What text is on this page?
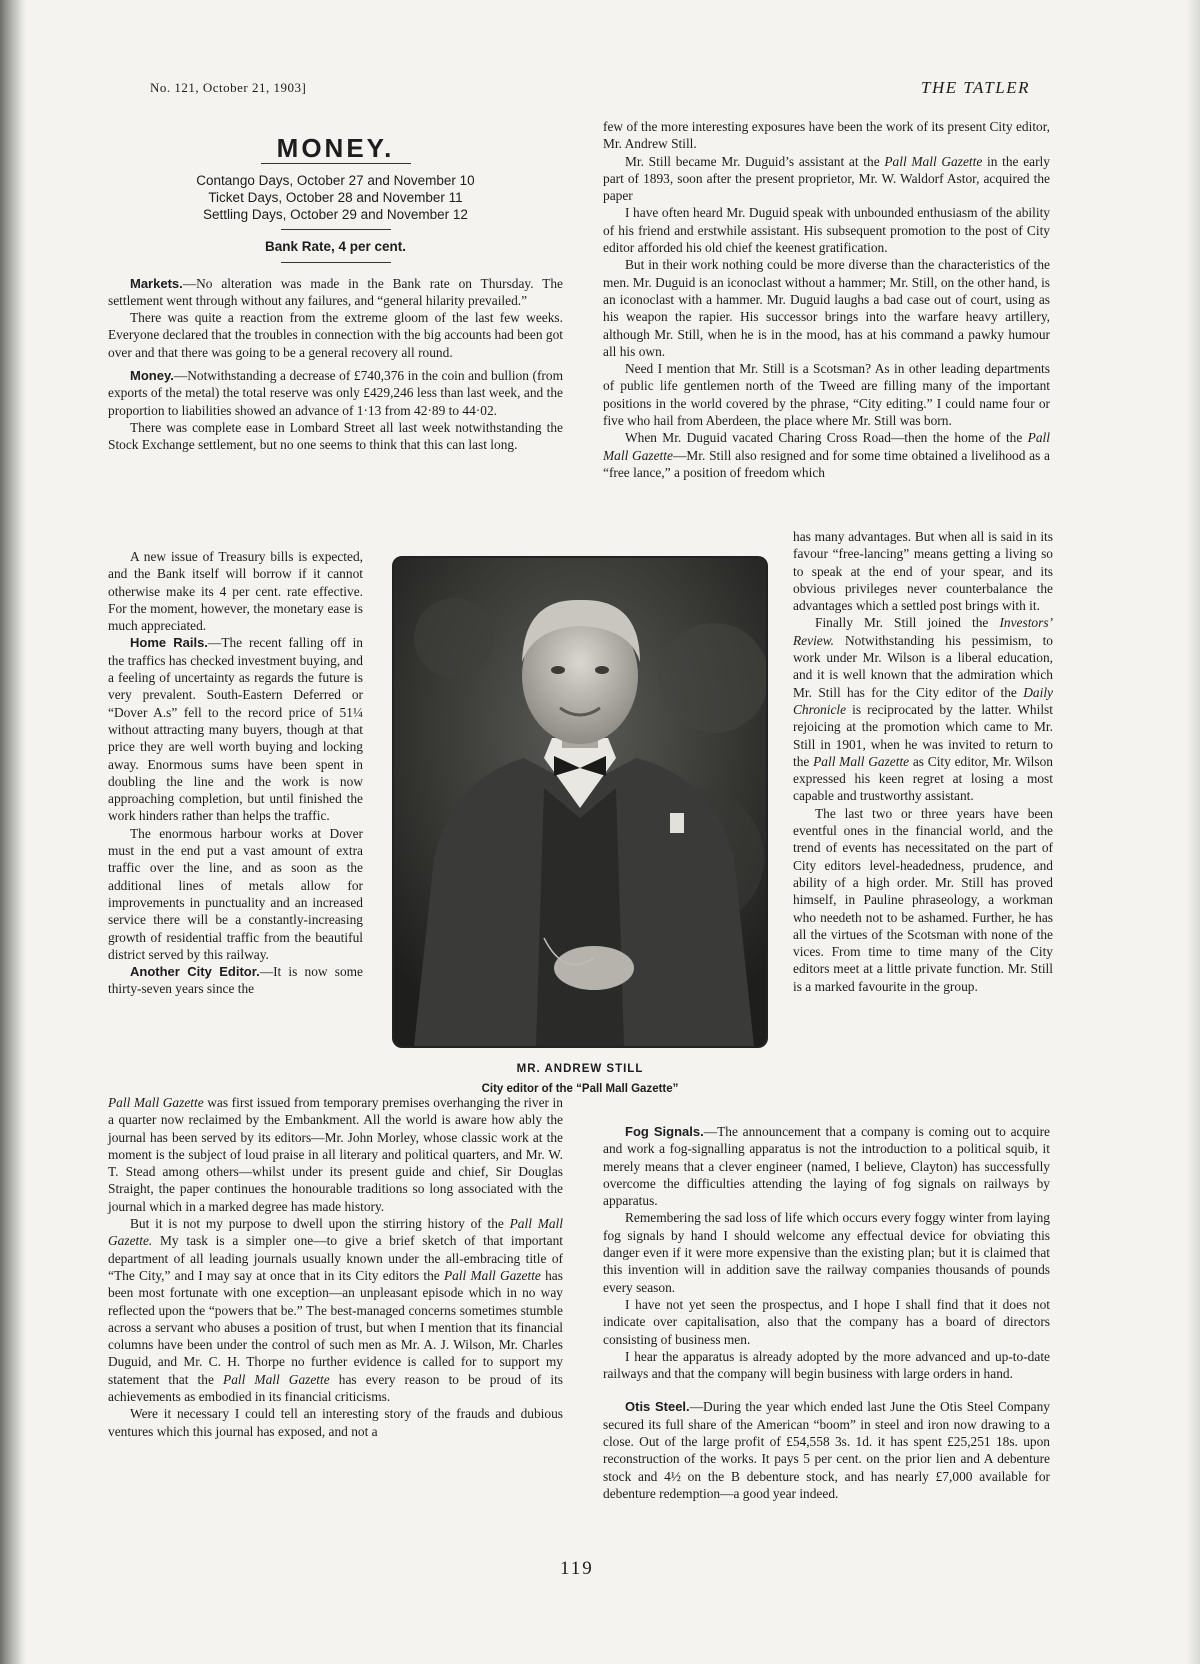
No. 121, October 21, 1903]	THE TATLER
MONEY.
Contango Days, October 27 and November 10
Ticket Days, October 28 and November 11
Settling Days, October 29 and November 12
Bank Rate, 4 per cent.

Markets.—No alteration was made in the Bank rate on Thursday. The settlement went through without any failures, and “general hilarity prevailed.”

There was quite a reaction from the extreme gloom of the last few weeks. Everyone declared that the troubles in connection with the big accounts had been got over and that there was going to be a general recovery all round.

Money.—Notwithstanding a decrease of £740,376 in the coin and bullion (from exports of the metal) the total reserve was only £429,246 less than last week, and the proportion to liabilities showed an advance of 1·13 from 42·89 to 44·02.

There was complete ease in Lombard Street all last week notwithstanding the Stock Exchange settlement, but no one seems to think that this can last long.

A new issue of Treasury bills is expected, and the Bank itself will borrow if it cannot otherwise make its 4 per cent. rate effective. For the moment, however, the monetary ease is much appreciated.

Home Rails.—The recent falling off in the traffics has checked investment buying, and a feeling of uncertainty as regards the future is very prevalent. South-Eastern Deferred or “Dover A.s” fell to the record price of 51¼ without attracting many buyers, though at that price they are well worth buying and locking away. Enormous sums have been spent in doubling the line and the work is now approaching completion, but until finished the work hinders rather than helps the traffic.

The enormous harbour works at Dover must in the end put a vast amount of extra traffic over the line, and as soon as the additional lines of metals allow for improvements in punctuality and an increased service there will be a constantly-increasing growth of residential traffic from the beautiful district served by this railway.

Another City Editor.—It is now some thirty-seven years since the

Pall Mall Gazette was first issued from temporary premises overhanging the river in a quarter now reclaimed by the Embankment. All the world is aware how ably the journal has been served by its editors—Mr. John Morley, whose classic work at the moment is the subject of loud praise in all literary and political quarters, and Mr. W. T. Stead among others—whilst under its present guide and chief, Sir Douglas Straight, the paper continues the honourable traditions so long associated with the journal which in a marked degree has made history.

But it is not my purpose to dwell upon the stirring history of the Pall Mall Gazette. My task is a simpler one—to give a brief sketch of that important department of all leading journals usually known under the all-embracing title of “The City,” and I may say at once that in its City editors the Pall Mall Gazette has been most fortunate with one exception—an unpleasant episode which in no way reflected upon the “powers that be.” The best-managed concerns sometimes stumble across a servant who abuses a position of trust, but when I mention that its financial columns have been under the control of such men as Mr. A. J. Wilson, Mr. Charles Duguid, and Mr. C. H. Thorpe no further evidence is called for to support my statement that the Pall Mall Gazette has every reason to be proud of its achievements as embodied in its financial criticisms.

Were it necessary I could tell an interesting story of the frauds and dubious ventures which this journal has exposed, and not a

few of the more interesting exposures have been the work of its present City editor, Mr. Andrew Still.

Mr. Still became Mr. Duguid’s assistant at the Pall Mall Gazette in the early part of 1893, soon after the present proprietor, Mr. W. Waldorf Astor, acquired the paper

I have often heard Mr. Duguid speak with unbounded enthusiasm of the ability of his friend and erstwhile assistant. His subsequent promotion to the post of City editor afforded his old chief the keenest gratification.

But in their work nothing could be more diverse than the characteristics of the men. Mr. Duguid is an iconoclast without a hammer; Mr. Still, on the other hand, is an iconoclast with a hammer. Mr. Duguid laughs a bad case out of court, using as his weapon the rapier. His successor brings into the warfare heavy artillery, although Mr. Still, when he is in the mood, has at his command a pawky humour all his own.

Need I mention that Mr. Still is a Scotsman? As in other leading departments of public life gentlemen north of the Tweed are filling many of the important positions in the world covered by the phrase, “City editing.” I could name four or five who hail from Aberdeen, the place where Mr. Still was born.

When Mr. Duguid vacated Charing Cross Road—then the home of the Pall Mall Gazette—Mr. Still also resigned and for some time obtained a livelihood as a “free lance,” a position of freedom which

has many advantages. But when all is said in its favour “free-lancing” means getting a living so to speak at the end of your spear, and its obvious privileges never counterbalance the advantages which a settled post brings with it.

Finally Mr. Still joined the Investors’ Review. Notwithstanding his pessimism, to work under Mr. Wilson is a liberal education, and it is well known that the admiration which Mr. Still has for the City editor of the Daily Chronicle is reciprocated by the latter. Whilst rejoicing at the promotion which came to Mr. Still in 1901, when he was invited to return to the Pall Mall Gazette as City editor, Mr. Wilson expressed his keen regret at losing a most capable and trustworthy assistant.

The last two or three years have been eventful ones in the financial world, and the trend of events has necessitated on the part of City editors level-headedness, prudence, and ability of a high order. Mr. Still has proved himself, in Pauline phraseology, a workman who needeth not to be ashamed. Further, he has all the virtues of the Scotsman with none of the vices. From time to time many of the City editors meet at a little private function. Mr. Still is a marked favourite in the group.

Fog Signals.—The announcement that a company is coming out to acquire and work a fog-signalling apparatus is not the introduction to a political squib, it merely means that a clever engineer (named, I believe, Clayton) has successfully overcome the difficulties attending the laying of fog signals on railways by apparatus.

Remembering the sad loss of life which occurs every foggy winter from laying fog signals by hand I should welcome any effectual device for obviating this danger even if it were more expensive than the existing plan; but it is claimed that this invention will in addition save the railway companies thousands of pounds every season.

I have not yet seen the prospectus, and I hope I shall find that it does not indicate over capitalisation, also that the company has a board of directors consisting of business men.

I hear the apparatus is already adopted by the more advanced and up-to-date railways and that the company will begin business with large orders in hand.

Otis Steel.—During the year which ended last June the Otis Steel Company secured its full share of the American “boom” in steel and iron now drawing to a close. Out of the large profit of £54,558 3s. 1d. it has spent £25,251 18s. upon reconstruction of the works. It pays 5 per cent. on the prior lien and A debenture stock and 4½ on the B debenture stock, and has nearly £7,000 available for debenture redemption—a good year indeed.

MR. ANDREW STILL
City editor of the “Pall Mall Gazette”
119
